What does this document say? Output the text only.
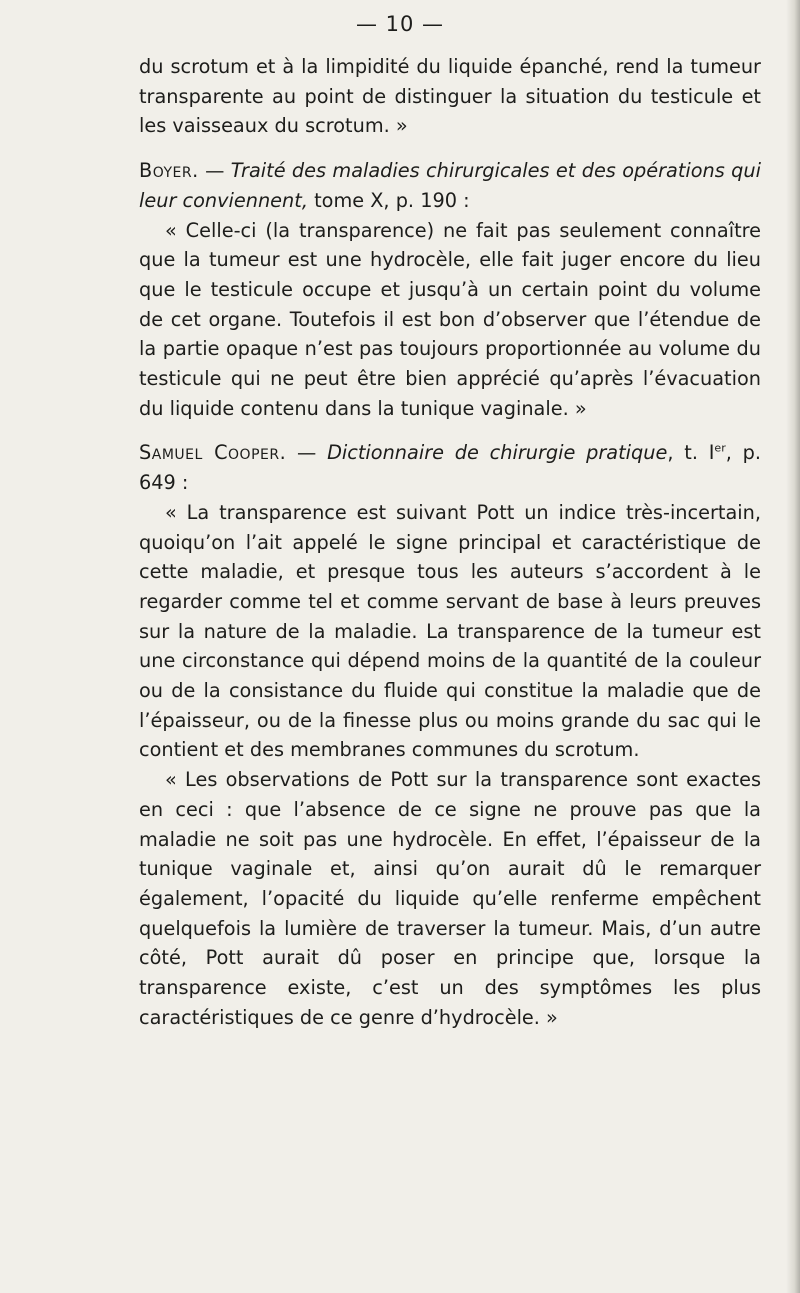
— 10 —

du scrotum et à la limpidité du liquide épanché, rend la tumeur transparente au point de distinguer la situation du testicule et les vaisseaux du scrotum. »

Boyer. — Traité des maladies chirurgicales et des opérations qui leur conviennent, tome X, p. 190 :

« Celle-ci (la transparence) ne fait pas seulement connaître que la tumeur est une hydrocèle, elle fait juger encore du lieu que le testicule occupe et jusqu’à un certain point du volume de cet organe. Toutefois il est bon d’observer que l’étendue de la partie opaque n’est pas toujours proportionnée au volume du testicule qui ne peut être bien apprécié qu’après l’évacuation du liquide contenu dans la tunique vaginale. »

Samuel Cooper. — Dictionnaire de chirurgie pratique, t. Ier, p. 649 :

« La transparence est suivant Pott un indice très-incertain, quoiqu’on l’ait appelé le signe principal et caractéristique de cette maladie, et presque tous les auteurs s’accordent à le regarder comme tel et comme servant de base à leurs preuves sur la nature de la maladie. La transparence de la tumeur est une circonstance qui dépend moins de la quantité de la couleur ou de la consistance du fluide qui constitue la maladie que de l’épaisseur, ou de la finesse plus ou moins grande du sac qui le contient et des membranes communes du scrotum.

« Les observations de Pott sur la transparence sont exactes en ceci : que l’absence de ce signe ne prouve pas que la maladie ne soit pas une hydrocèle. En effet, l’épaisseur de la tunique vaginale et, ainsi qu’on aurait dû le remarquer également, l’opacité du liquide qu’elle renferme empêchent quelquefois la lumière de traverser la tumeur. Mais, d’un autre côté, Pott aurait dû poser en principe que, lorsque la transparence existe, c’est un des symptômes les plus caractéristiques de ce genre d’hydrocèle. »
